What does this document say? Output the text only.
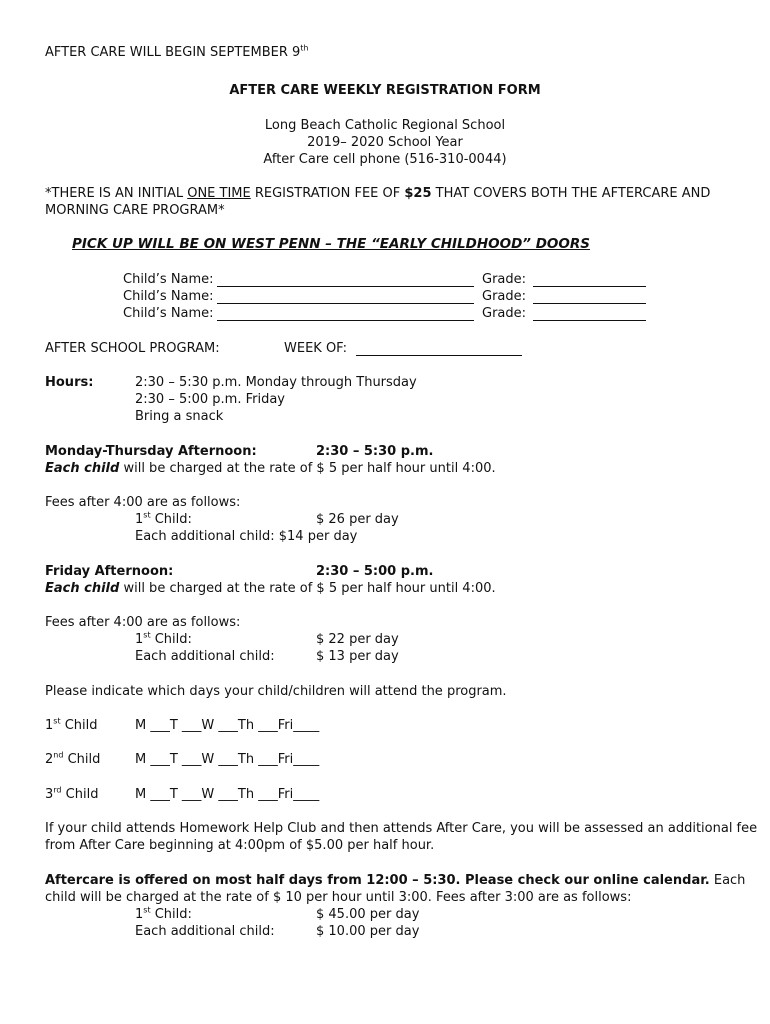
AFTER CARE WILL BEGIN SEPTEMBER 9th
AFTER CARE WEEKLY REGISTRATION FORM
Long Beach Catholic Regional School
2019– 2020 School Year
After Care cell phone (516-310-0044)
*THERE IS AN INITIAL ONE TIME REGISTRATION FEE OF $25 THAT COVERS BOTH THE AFTERCARE AND
MORNING CARE PROGRAM*
PICK UP WILL BE ON WEST PENN – THE “EARLY CHILDHOOD” DOORS
Child’s Name:	Grade:
Child’s Name:	Grade:
Child’s Name:	Grade:
AFTER SCHOOL PROGRAM:	WEEK OF:
Hours:	2:30 – 5:30 p.m. Monday through Thursday
2:30 – 5:00 p.m. Friday
Bring a snack
Monday-Thursday Afternoon:	2:30 – 5:30 p.m.
Each child will be charged at the rate of $ 5 per half hour until 4:00.
Fees after 4:00 are as follows:
1st Child:	$ 26 per day
Each additional child: $14 per day
Friday Afternoon:	2:30 – 5:00 p.m.
Each child will be charged at the rate of $ 5 per half hour until 4:00.
Fees after 4:00 are as follows:
1st Child:	$ 22 per day
Each additional child:	$ 13 per day
Please indicate which days your child/children will attend the program.
1st Child	M ___T ___W ___Th ___Fri____
2nd Child	M ___T ___W ___Th ___Fri____
3rd Child	M ___T ___W ___Th ___Fri____
If your child attends Homework Help Club and then attends After Care, you will be assessed an additional fee
from After Care beginning at 4:00pm of $5.00 per half hour.
Aftercare is offered on most half days from 12:00 – 5:30. Please check our online calendar. Each
child will be charged at the rate of $ 10 per hour until 3:00. Fees after 3:00 are as follows:
1st Child:	$ 45.00 per day
Each additional child:	$ 10.00 per day
